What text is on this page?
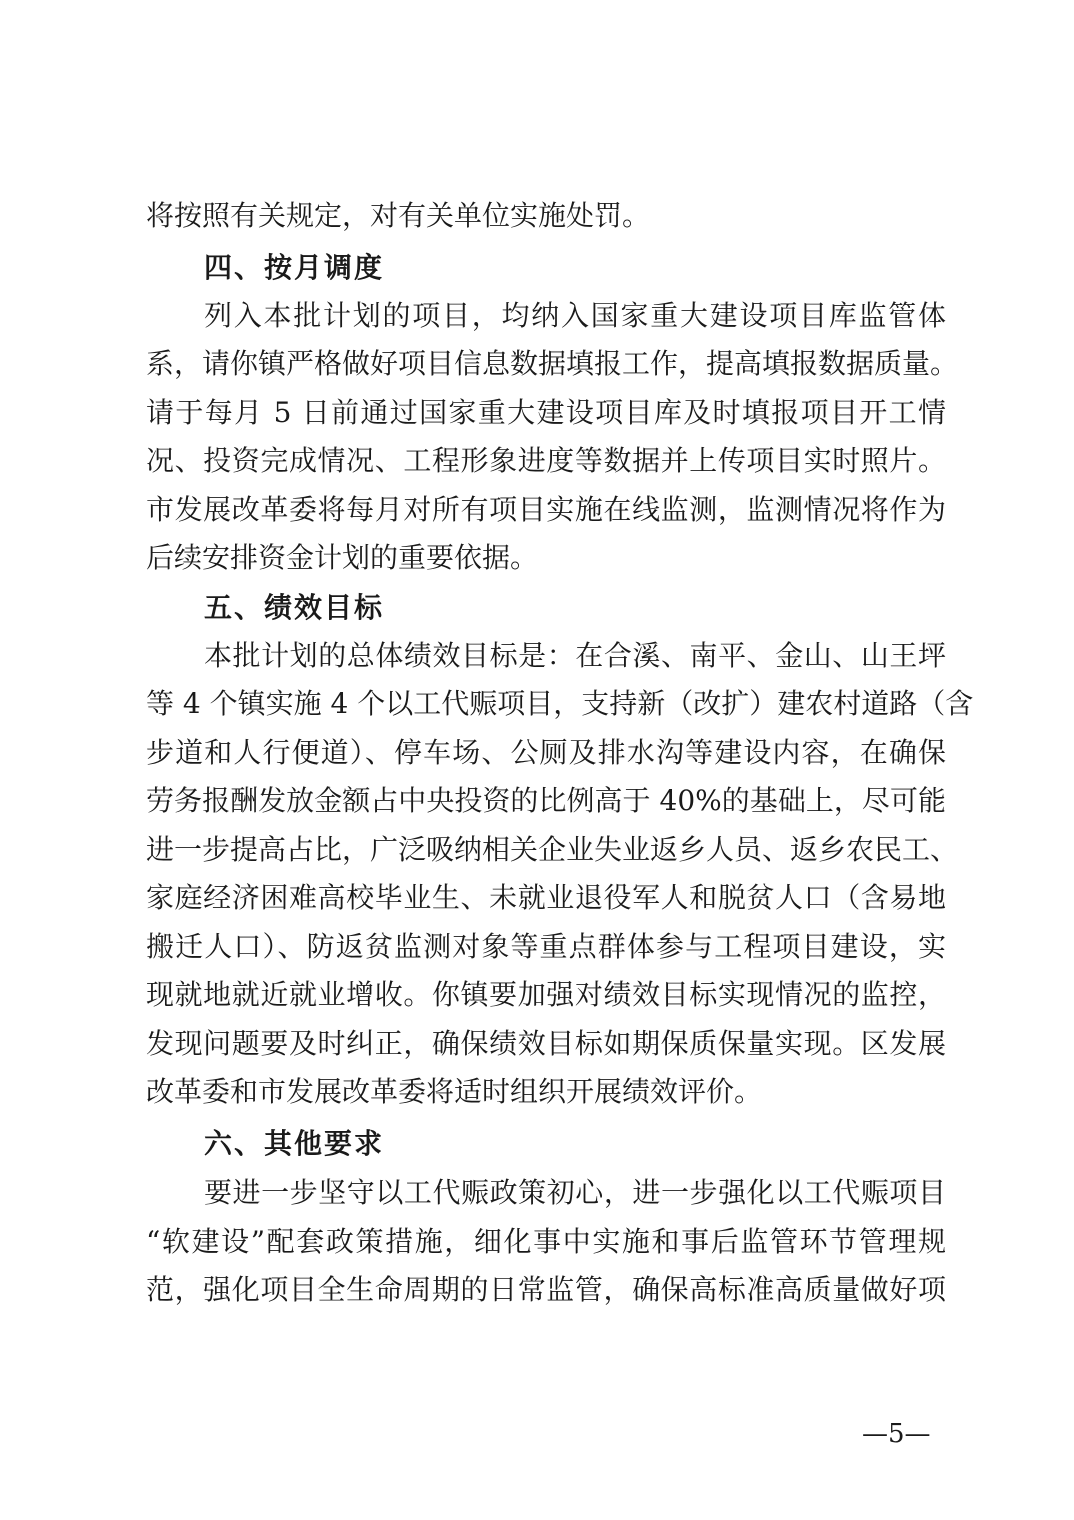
将按照有关规定，对有关单位实施处罚。
四、按月调度
列入本批计划的项目，均纳入国家重大建设项目库监管体
系，请你镇严格做好项目信息数据填报工作，提高填报数据质量。
请于每月 5 日前通过国家重大建设项目库及时填报项目开工情
况、投资完成情况、工程形象进度等数据并上传项目实时照片。
市发展改革委将每月对所有项目实施在线监测，监测情况将作为
后续安排资金计划的重要依据。
五、绩效目标
本批计划的总体绩效目标是：在合溪、南平、金山、山王坪
等 4 个镇实施 4 个以工代赈项目，支持新（改扩）建农村道路（含
步道和人行便道）、停车场、公厕及排水沟等建设内容，在确保
劳务报酬发放金额占中央投资的比例高于 40%的基础上，尽可能
进一步提高占比，广泛吸纳相关企业失业返乡人员、返乡农民工、
家庭经济困难高校毕业生、未就业退役军人和脱贫人口（含易地
搬迁人口）、防返贫监测对象等重点群体参与工程项目建设，实
现就地就近就业增收。你镇要加强对绩效目标实现情况的监控，
发现问题要及时纠正，确保绩效目标如期保质保量实现。区发展
改革委和市发展改革委将适时组织开展绩效评价。
六、其他要求
要进一步坚守以工代赈政策初心，进一步强化以工代赈项目
“软建设”配套政策措施，细化事中实施和事后监管环节管理规
范，强化项目全生命周期的日常监管，确保高标准高质量做好项
—5—
